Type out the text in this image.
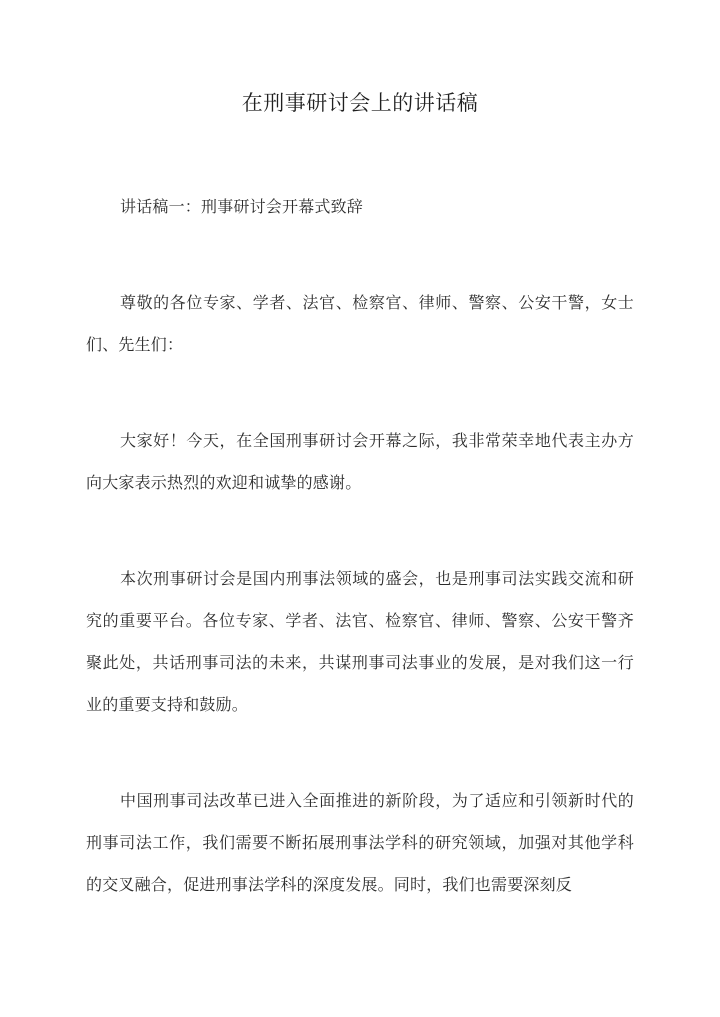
在刑事研讨会上的讲话稿

讲话稿一：刑事研讨会开幕式致辞

尊敬的各位专家、学者、法官、检察官、律师、警察、公安干警，女士们、先生们：

大家好！今天，在全国刑事研讨会开幕之际，我非常荣幸地代表主办方向大家表示热烈的欢迎和诚挚的感谢。

本次刑事研讨会是国内刑事法领域的盛会，也是刑事司法实践交流和研究的重要平台。各位专家、学者、法官、检察官、律师、警察、公安干警齐聚此处，共话刑事司法的未来，共谋刑事司法事业的发展，是对我们这一行业的重要支持和鼓励。

中国刑事司法改革已进入全面推进的新阶段，为了适应和引领新时代的刑事司法工作，我们需要不断拓展刑事法学科的研究领域，加强对其他学科的交叉融合，促进刑事法学科的深度发展。同时，我们也需要深刻反
